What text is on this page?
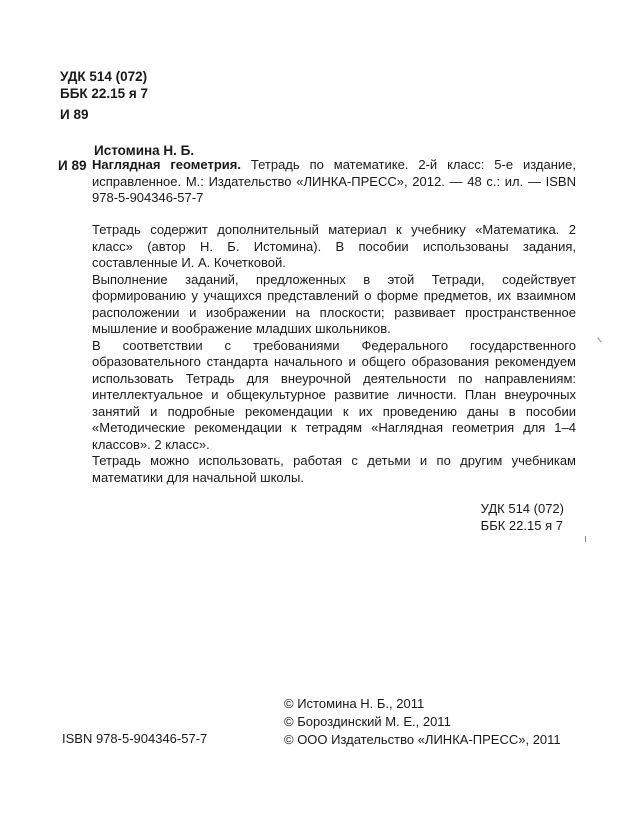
УДК 514 (072)
ББК 22.15 я 7
И 89
Истомина Н. Б.
И 89 Наглядная геометрия. Тетрадь по математике. 2-й класс: 5-е издание, исправленное. М.: Издательство «ЛИНКА-ПРЕСС», 2012. — 48 с.: ил. — ISBN 978-5-904346-57-7

Тетрадь содержит дополнительный материал к учебнику «Математика. 2 класс» (автор Н. Б. Истомина). В пособии использованы задания, составленные И. А. Кочетковой.

Выполнение заданий, предложенных в этой Тетради, содействует формированию у учащихся представлений о форме предметов, их взаимном расположении и изображении на плоскости; развивает пространственное мышление и воображение младших школьников.

В соответствии с требованиями Федерального государственного образовательного стандарта начального и общего образования рекомендуем использовать Тетрадь для внеурочной деятельности по направлениям: интеллектуальное и общекультурное развитие личности. План внеурочных занятий и подробные рекомендации к их проведению даны в пособии «Методические рекомендации к тетрадям «Наглядная геометрия для 1–4 классов». 2 класс».

Тетрадь можно использовать, работая с детьми и по другим учебникам математики для начальной школы.

УДК 514 (072)
ББК 22.15 я 7
ISBN 978-5-904346-57-7
© Истомина Н. Б., 2011
© Бороздинский М. Е., 2011
© ООО Издательство «ЛИНКА-ПРЕСС», 2011
